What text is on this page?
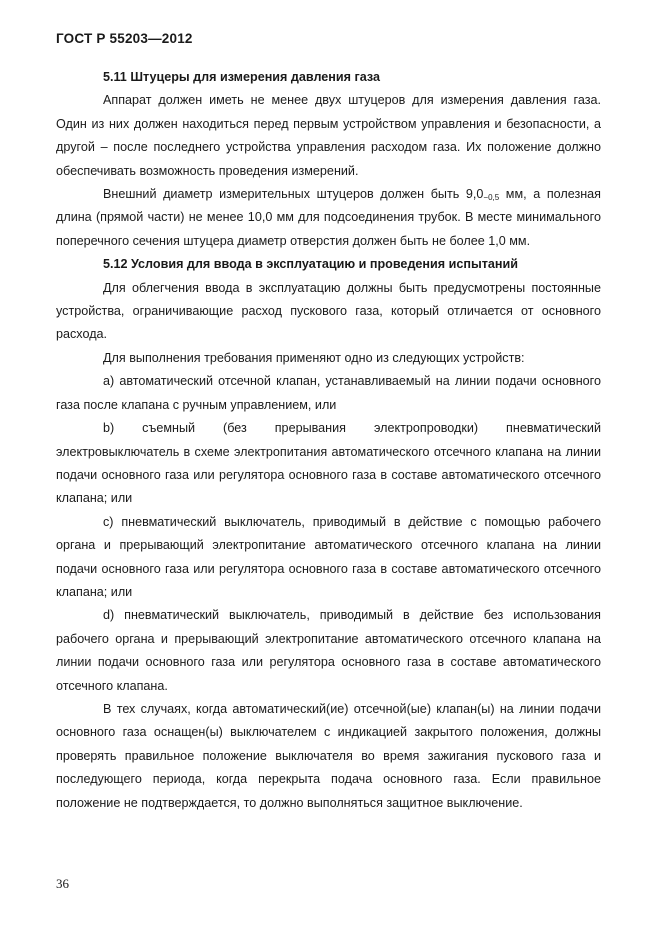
ГОСТ Р 55203—2012
5.11 Штуцеры для измерения давления газа

Аппарат должен иметь не менее двух штуцеров для измерения давления газа. Один из них должен находиться перед первым устройством управления и безопасности, а другой – после последнего устройства управления расходом газа. Их положение должно обеспечивать возможность проведения измерений.

Внешний диаметр измерительных штуцеров должен быть $9,0_{-0,5}$ мм, а полезная длина (прямой части) не менее 10,0 мм для подсоединения трубок. В месте минимального поперечного сечения штуцера диаметр отверстия должен быть не более 1,0 мм.

5.12 Условия для ввода в эксплуатацию и проведения испытаний

Для облегчения ввода в эксплуатацию должны быть предусмотрены постоянные устройства, ограничивающие расход пускового газа, который отличается от основного расхода.

Для выполнения требования применяют одно из следующих устройств:

а) автоматический отсечной клапан, устанавливаемый на линии подачи основного газа после клапана с ручным управлением, или

b) съемный (без прерывания электропроводки) пневматический электровыключатель в схеме электропитания автоматического отсечного клапана на линии подачи основного газа или регулятора основного газа в составе автоматического отсечного клапана; или

с) пневматический выключатель, приводимый в действие с помощью рабочего органа и прерывающий электропитание автоматического отсечного клапана на линии подачи основного газа или регулятора основного газа в составе автоматического отсечного клапана; или

d) пневматический выключатель, приводимый в действие без использования рабочего органа и прерывающий электропитание автоматического отсечного клапана на линии подачи основного газа или регулятора основного газа в составе автоматического отсечного клапана.

В тех случаях, когда автоматический(ие) отсечной(ые) клапан(ы) на линии подачи основного газа оснащен(ы) выключателем с индикацией закрытого положения, должны проверять правильное положение выключателя во время зажигания пускового газа и последующего периода, когда перекрыта подача основного газа. Если правильное положение не подтверждается, то должно выполняться защитное выключение.

36
